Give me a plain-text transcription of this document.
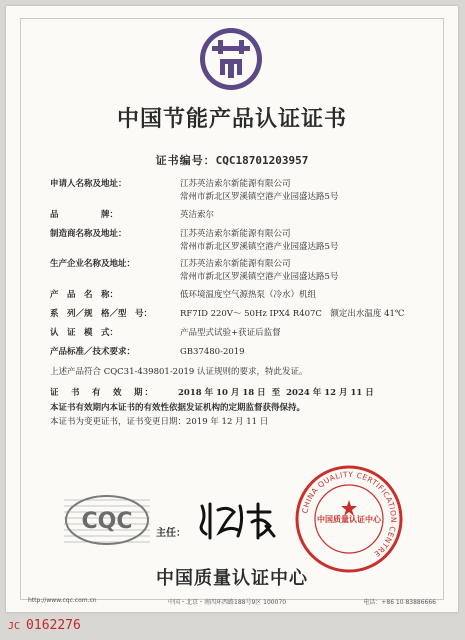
中国节能产品认证证书
证书编号：CQC18701203957
申请人名称及地址：	江苏英洁索尔新能源有限公司
常州市新北区罗溪镇空港产业园盛达路5号
品　　　　　牌：	英洁索尔
制造商名称及地址：	江苏英洁索尔新能源有限公司
常州市新北区罗溪镇空港产业园盛达路5号
生产企业名称及地址：	江苏英洁索尔新能源有限公司
常州市新北区罗溪镇空港产业园盛达路5号
产　品　名　称：	低环境温度空气源热泵（冷水）机组
系　列／规　格／型　号：	RF7ID 220V～ 50Hz IPX4 R407C　额定出水温度 41℃
认　证　模　式：	产品型式试验+获证后监督
产品标准／技术要求：	GB37480-2019
上述产品符合 CQC31-439801-2019 认证规则的要求，特此发证。
证　书　有　效　期：	2018 年 10 月 18 日 至 2024 年 12 月 11 日
本证书有效期内本证书的有效性依据发证机构的定期监督获得保持。
本证书为变更证书，证书变更日期：2019 年 12 月 11 日
CQC 主任：
CHINA QUALITY CERTIFICATION CENTRE
中国质量认证中心
中国质量认证中心
http://www.cqc.com.cn	中国・北京・南四环西路188号9区 100070	电话：+86 10 83886666
JC 0162276
